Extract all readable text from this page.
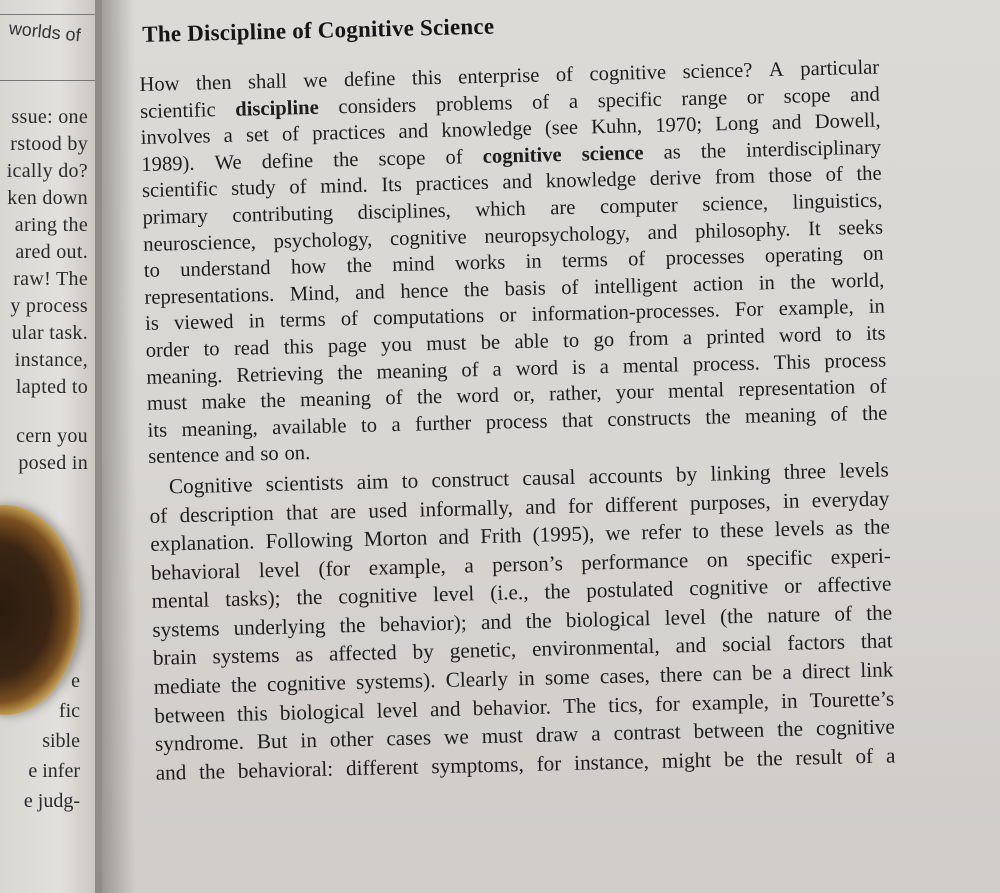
worlds of
ssue: one
rstood by
ically do?
ken down
aring the
ared out.
raw! The
y process
ular task.
instance,
lapted to
cern you
posed in
e
fic
sible
e infer
e judg-
The Discipline of Cognitive Science
How then shall we define this enterprise of cognitive science? A particular
scientific discipline considers problems of a specific range or scope and
involves a set of practices and knowledge (see Kuhn, 1970; Long and Dowell,
1989). We define the scope of cognitive science as the interdisciplinary
scientific study of mind. Its practices and knowledge derive from those of the
primary contributing disciplines, which are computer science, linguistics,
neuroscience, psychology, cognitive neuropsychology, and philosophy. It seeks
to understand how the mind works in terms of processes operating on
representations. Mind, and hence the basis of intelligent action in the world,
is viewed in terms of computations or information-processes. For example, in
order to read this page you must be able to go from a printed word to its
meaning. Retrieving the meaning of a word is a mental process. This process
must make the meaning of the word or, rather, your mental representation of
its meaning, available to a further process that constructs the meaning of the
sentence and so on.
Cognitive scientists aim to construct causal accounts by linking three levels
of description that are used informally, and for different purposes, in everyday
explanation. Following Morton and Frith (1995), we refer to these levels as the
behavioral level (for example, a person’s performance on specific experi-
mental tasks); the cognitive level (i.e., the postulated cognitive or affective
systems underlying the behavior); and the biological level (the nature of the
brain systems as affected by genetic, environmental, and social factors that
mediate the cognitive systems). Clearly in some cases, there can be a direct link
between this biological level and behavior. The tics, for example, in Tourette’s
syndrome. But in other cases we must draw a contrast between the cognitive
and the behavioral: different symptoms, for instance, might be the result of a
